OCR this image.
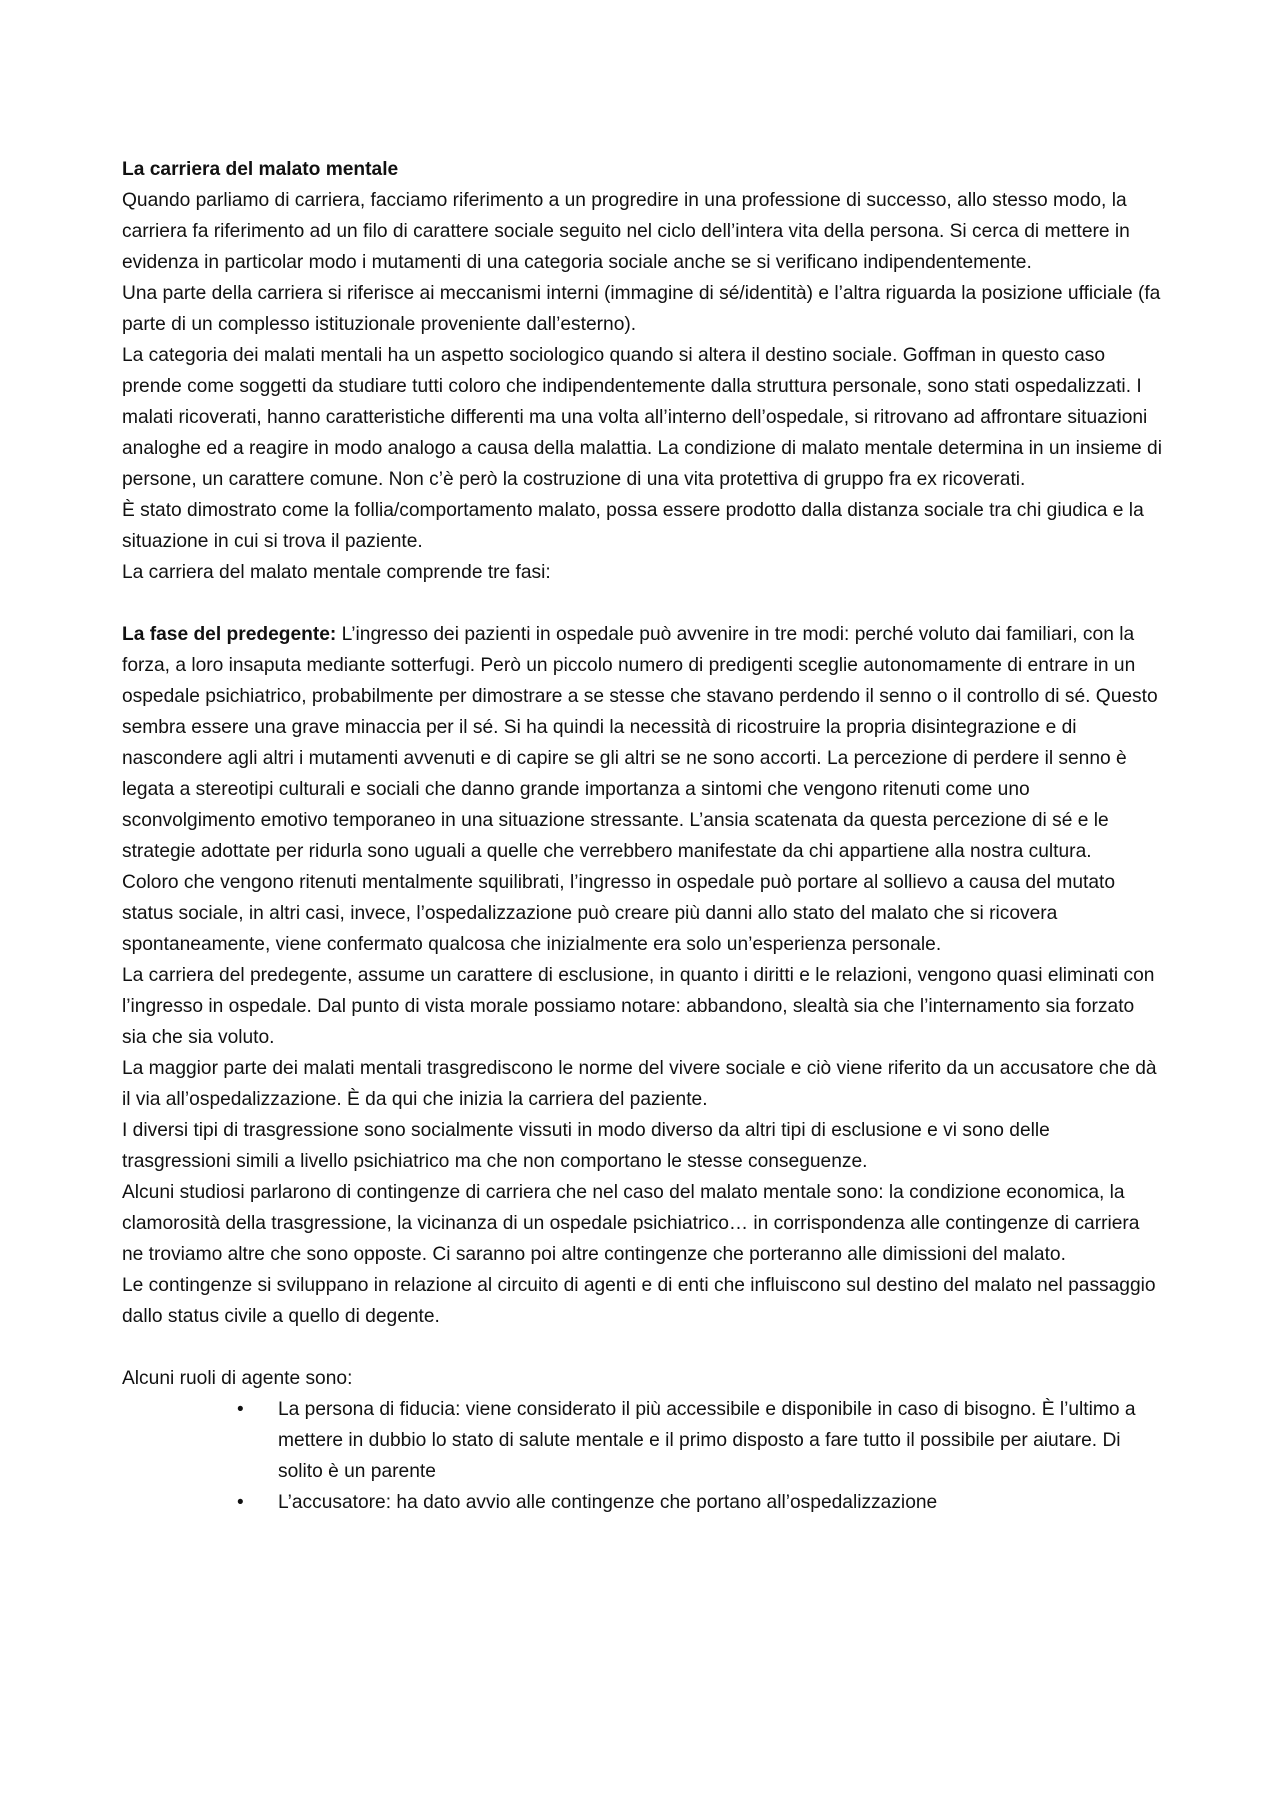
La carriera del malato mentale

Quando parliamo di carriera, facciamo riferimento a un progredire in una professione di successo, allo stesso modo, la carriera fa riferimento ad un filo di carattere sociale seguito nel ciclo dell’intera vita della persona. Si cerca di mettere in evidenza in particolar modo i mutamenti di una categoria sociale anche se si verificano indipendentemente.

Una parte della carriera si riferisce ai meccanismi interni (immagine di sé/identità) e l’altra riguarda la posizione ufficiale (fa parte di un complesso istituzionale proveniente dall’esterno).

La categoria dei malati mentali ha un aspetto sociologico quando si altera il destino sociale. Goffman in questo caso prende come soggetti da studiare tutti coloro che indipendentemente dalla struttura personale, sono stati ospedalizzati. I malati ricoverati, hanno caratteristiche differenti ma una volta all’interno dell’ospedale, si ritrovano ad affrontare situazioni analoghe ed a reagire in modo analogo a causa della malattia. La condizione di malato mentale determina in un insieme di persone, un carattere comune. Non c’è però la costruzione di una vita protettiva di gruppo fra ex ricoverati.

È stato dimostrato come la follia/comportamento malato, possa essere prodotto dalla distanza sociale tra chi giudica e la situazione in cui si trova il paziente.

La carriera del malato mentale comprende tre fasi:

La fase del predegente: L’ingresso dei pazienti in ospedale può avvenire in tre modi: perché voluto dai familiari, con la forza, a loro insaputa mediante sotterfugi. Però un piccolo numero di predigenti sceglie autonomamente di entrare in un ospedale psichiatrico, probabilmente per dimostrare a se stesse che stavano perdendo il senno o il controllo di sé. Questo sembra essere una grave minaccia per il sé. Si ha quindi la necessità di ricostruire la propria disintegrazione e di nascondere agli altri i mutamenti avvenuti e di capire se gli altri se ne sono accorti. La percezione di perdere il senno è legata a stereotipi culturali e sociali che danno grande importanza a sintomi che vengono ritenuti come uno sconvolgimento emotivo temporaneo in una situazione stressante. L’ansia scatenata da questa percezione di sé e le strategie adottate per ridurla sono uguali a quelle che verrebbero manifestate da chi appartiene alla nostra cultura.

Coloro che vengono ritenuti mentalmente squilibrati, l’ingresso in ospedale può portare al sollievo a causa del mutato status sociale, in altri casi, invece, l’ospedalizzazione può creare più danni allo stato del malato che si ricovera spontaneamente, viene confermato qualcosa che inizialmente era solo un’esperienza personale.

La carriera del predegente, assume un carattere di esclusione, in quanto i diritti e le relazioni, vengono quasi eliminati con l’ingresso in ospedale. Dal punto di vista morale possiamo notare: abbandono, slealtà sia che l’internamento sia forzato sia che sia voluto.

La maggior parte dei malati mentali trasgrediscono le norme del vivere sociale e ciò viene riferito da un accusatore che dà il via all’ospedalizzazione. È da qui che inizia la carriera del paziente.

I diversi tipi di trasgressione sono socialmente vissuti in modo diverso da altri tipi di esclusione e vi sono delle trasgressioni simili a livello psichiatrico ma che non comportano le stesse conseguenze.

Alcuni studiosi parlarono di contingenze di carriera che nel caso del malato mentale sono: la condizione economica, la clamorosità della trasgressione, la vicinanza di un ospedale psichiatrico… in corrispondenza alle contingenze di carriera ne troviamo altre che sono opposte. Ci saranno poi altre contingenze che porteranno alle dimissioni del malato.

Le contingenze si sviluppano in relazione al circuito di agenti e di enti che influiscono sul destino del malato nel passaggio dallo status civile a quello di degente.

Alcuni ruoli di agente sono:

• La persona di fiducia: viene considerato il più accessibile e disponibile in caso di bisogno. È l’ultimo a mettere in dubbio lo stato di salute mentale e il primo disposto a fare tutto il possibile per aiutare. Di solito è un parente
• L’accusatore: ha dato avvio alle contingenze che portano all’ospedalizzazione
